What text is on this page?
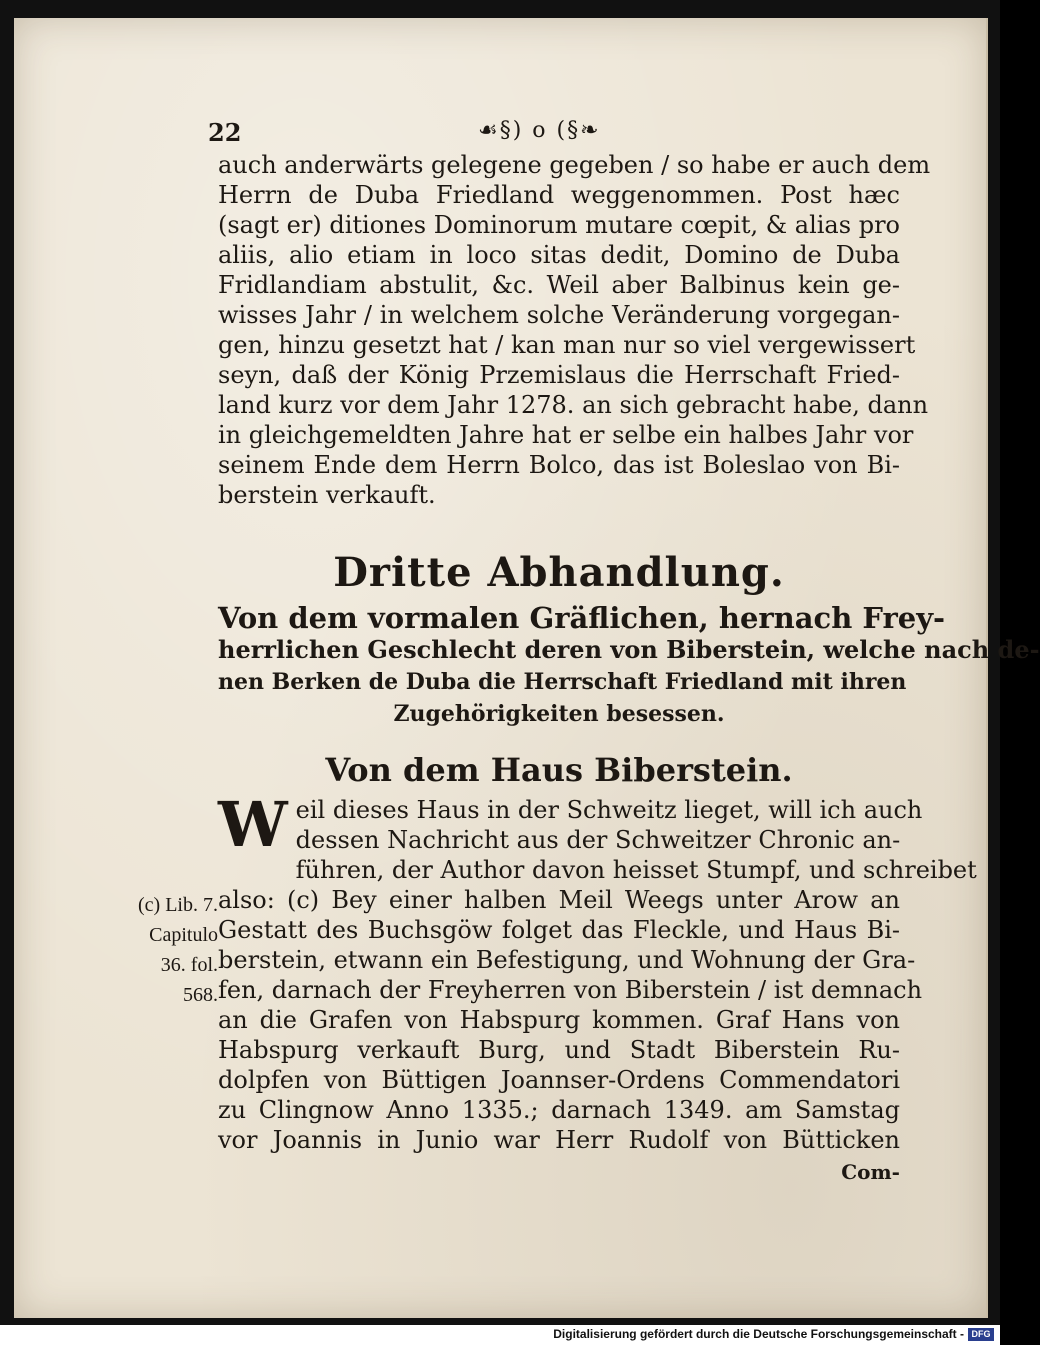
22	☙§) o (§❧
auch anderwärts gelegene gegeben / so habe er auch dem
Herrn de Duba Friedland weggenommen. Post hæc
(sagt er) ditiones Dominorum mutare cœpit, & alias pro
aliis, alio etiam in loco sitas dedit, Domino de Duba
Fridlandiam abstulit, &c. Weil aber Balbinus kein ge-
wisses Jahr / in welchem solche Veränderung vorgegan-
gen, hinzu gesetzt hat / kan man nur so viel vergewissert
seyn, daß der König Przemislaus die Herrschaft Fried-
land kurz vor dem Jahr 1278. an sich gebracht habe, dann
in gleichgemeldten Jahre hat er selbe ein halbes Jahr vor
seinem Ende dem Herrn Bolco, das ist Boleslao von Bi-
berstein verkauft.
Dritte Abhandlung.
Von dem vormalen Gräflichen, hernach Frey-
herrlichen Geschlecht deren von Biberstein, welche nach de-
nen Berken de Duba die Herrschaft Friedland mit ihren
Zugehörigkeiten besessen.
Von dem Haus Biberstein.
W eil dieses Haus in der Schweitz lieget, will ich auch
dessen Nachricht aus der Schweitzer Chronic an-
führen, der Author davon heisset Stumpf, und schreibet
also: (c) Bey einer halben Meil Weegs unter Arow an
Gestatt des Buchsgöw folget das Fleckle, und Haus Bi-
berstein, etwann ein Befestigung, und Wohnung der Gra-
fen, darnach der Freyherren von Biberstein / ist demnach
an die Grafen von Habspurg kommen. Graf Hans von
Habspurg verkauft Burg, und Stadt Biberstein Ru-
dolpfen von Büttigen Joannser-Ordens Commendatori
zu Clingnow Anno 1335.; darnach 1349. am Samstag
vor Joannis in Junio war Herr Rudolf von Bütticken
(c) Lib. 7.
Capitulo
36. fol.
568.
Com-
Digitalisierung gefördert durch die Deutsche Forschungsgemeinschaft - DFG
